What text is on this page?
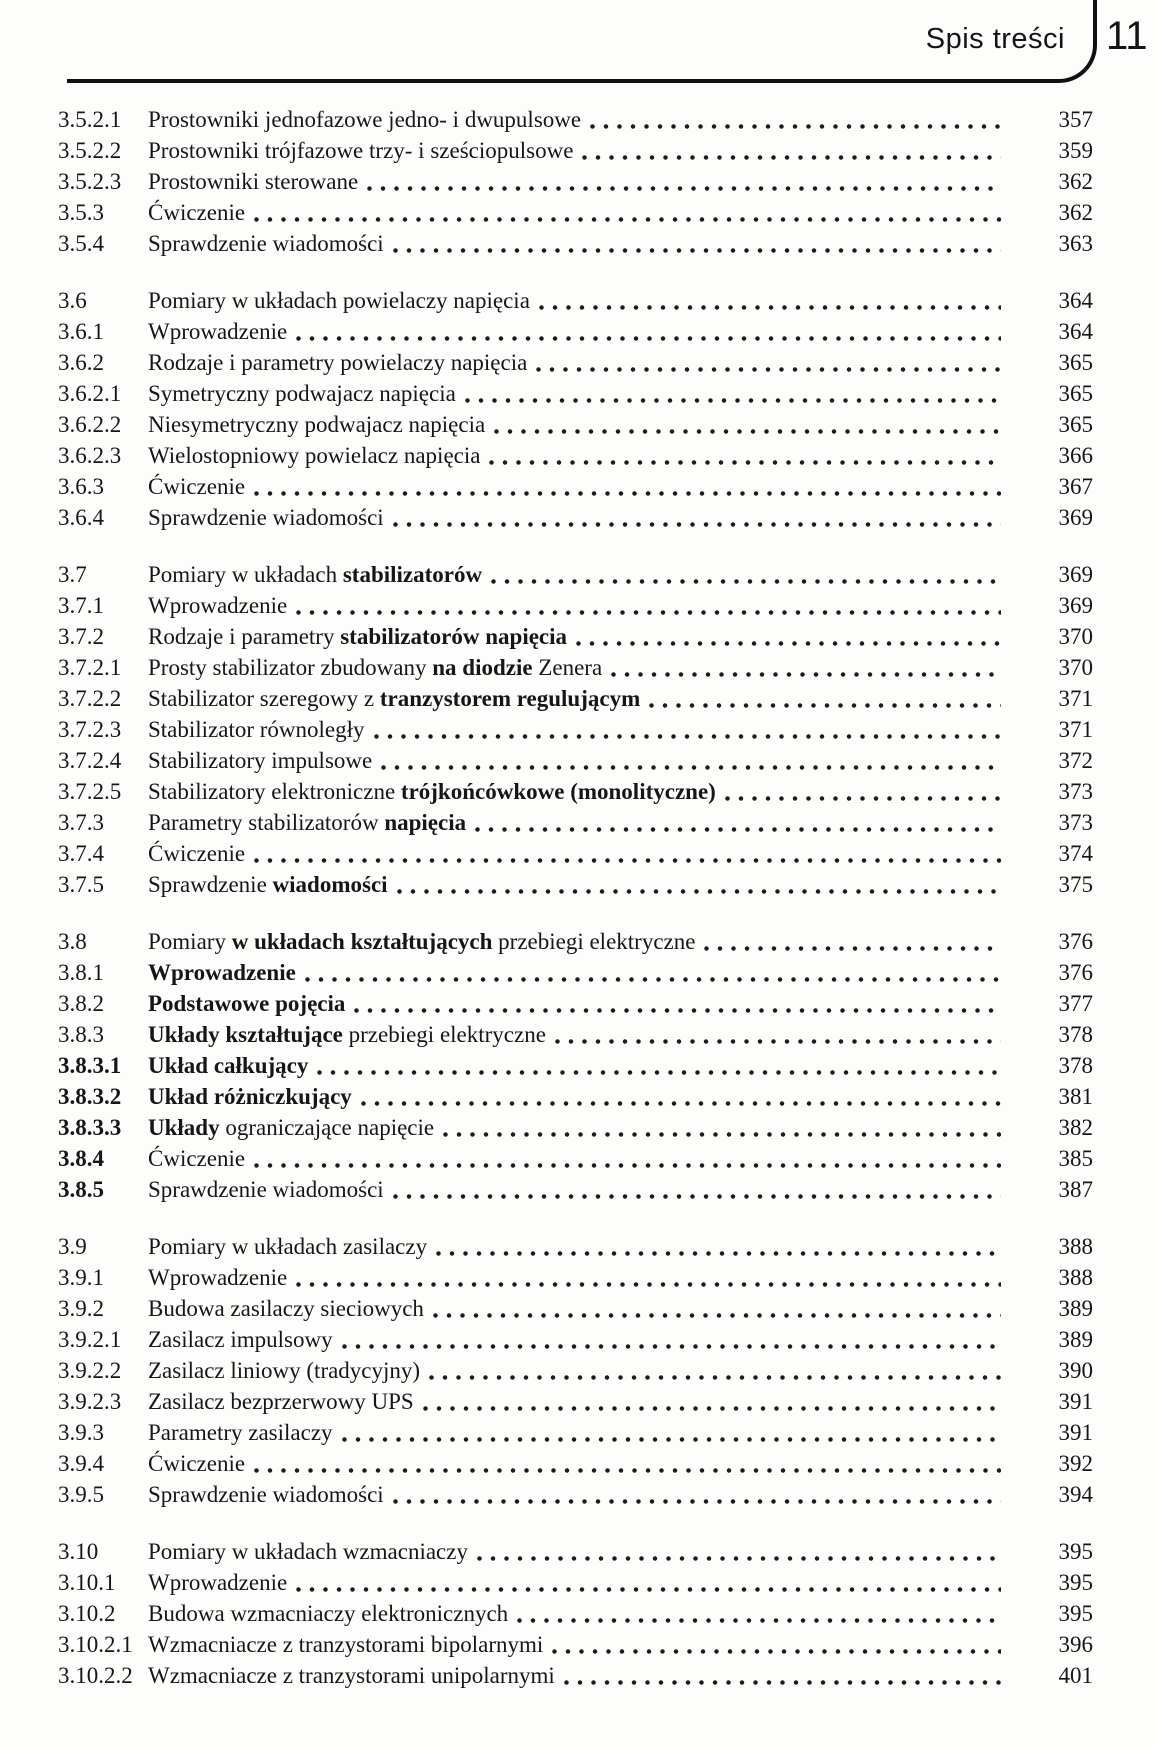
Spis treści 11
3.5.2.1	Prostowniki jednofazowe jedno- i dwupulsowe	357
3.5.2.2	Prostowniki trójfazowe trzy- i sześciopulsowe	359
3.5.2.3	Prostowniki sterowane	362
3.5.3	Ćwiczenie	362
3.5.4	Sprawdzenie wiadomości	363
3.6	Pomiary w układach powielaczy napięcia	364
3.6.1	Wprowadzenie	364
3.6.2	Rodzaje i parametry powielaczy napięcia	365
3.6.2.1	Symetryczny podwajacz napięcia	365
3.6.2.2	Niesymetryczny podwajacz napięcia	365
3.6.2.3	Wielostopniowy powielacz napięcia	366
3.6.3	Ćwiczenie	367
3.6.4	Sprawdzenie wiadomości	369
3.7	Pomiary w układach stabilizatorów	369
3.7.1	Wprowadzenie	369
3.7.2	Rodzaje i parametry stabilizatorów napięcia	370
3.7.2.1	Prosty stabilizator zbudowany na diodzie Zenera	370
3.7.2.2	Stabilizator szeregowy z tranzystorem regulującym	371
3.7.2.3	Stabilizator równoległy	371
3.7.2.4	Stabilizatory impulsowe	372
3.7.2.5	Stabilizatory elektroniczne trójkońcówkowe (monolityczne)	373
3.7.3	Parametry stabilizatorów napięcia	373
3.7.4	Ćwiczenie	374
3.7.5	Sprawdzenie wiadomości	375
3.8	Pomiary w układach kształtujących przebiegi elektryczne	376
3.8.1	Wprowadzenie	376
3.8.2	Podstawowe pojęcia	377
3.8.3	Układy kształtujące przebiegi elektryczne	378
3.8.3.1	Układ całkujący	378
3.8.3.2	Układ różniczkujący	381
3.8.3.3	Układy ograniczające napięcie	382
3.8.4	Ćwiczenie	385
3.8.5	Sprawdzenie wiadomości	387
3.9	Pomiary w układach zasilaczy	388
3.9.1	Wprowadzenie	388
3.9.2	Budowa zasilaczy sieciowych	389
3.9.2.1	Zasilacz impulsowy	389
3.9.2.2	Zasilacz liniowy (tradycyjny)	390
3.9.2.3	Zasilacz bezprzerwowy UPS	391
3.9.3	Parametry zasilaczy	391
3.9.4	Ćwiczenie	392
3.9.5	Sprawdzenie wiadomości	394
3.10	Pomiary w układach wzmacniaczy	395
3.10.1	Wprowadzenie	395
3.10.2	Budowa wzmacniaczy elektronicznych	395
3.10.2.1 Wzmacniacze z tranzystorami bipolarnymi	396
3.10.2.2 Wzmacniacze z tranzystorami unipolarnymi	401
